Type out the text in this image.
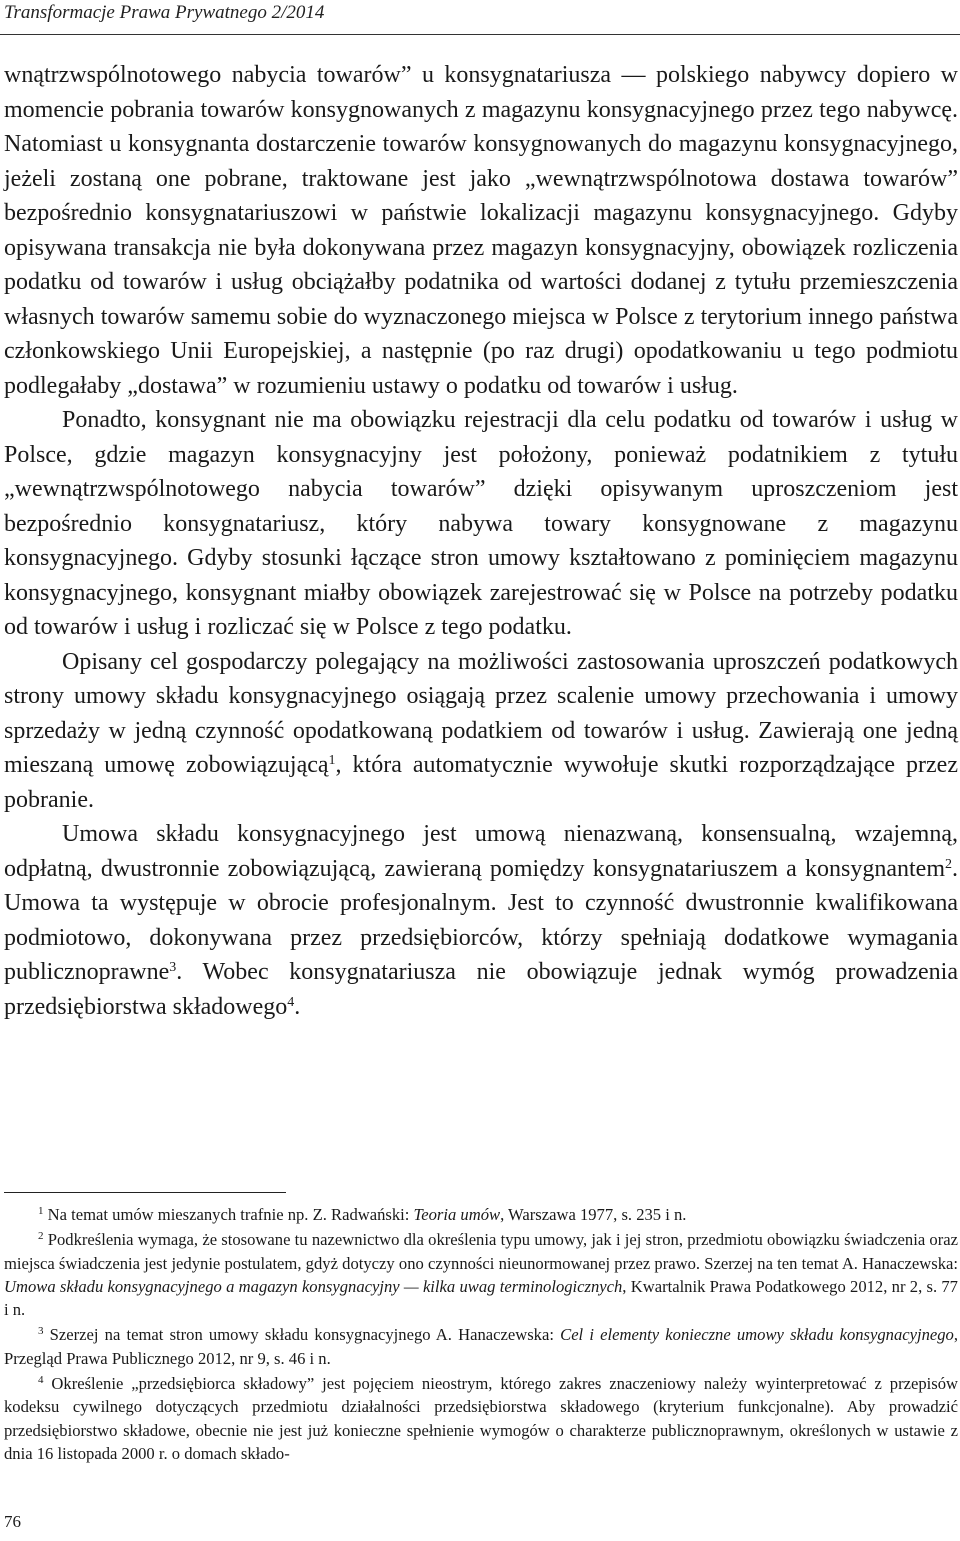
Transformacje Prawa Prywatnego 2/2014

wnątrzwspólnotowego nabycia towarów” u konsygnatariusza — polskiego nabywcy dopiero w momencie pobrania towarów konsygnowanych z magazynu konsygnacyjnego przez tego nabywcę. Natomiast u konsygnanta dostarczenie towarów konsygnowanych do magazynu konsygnacyjnego, jeżeli zostaną one pobrane, traktowane jest jako „wewnątrzwspólnotowa dostawa towarów” bezpośrednio konsygnatariuszowi w państwie lokalizacji magazynu konsygnacyjnego. Gdyby opisywana transakcja nie była dokonywana przez magazyn konsygnacyjny, obowiązek rozliczenia podatku od towarów i usług obciążałby podatnika od wartości dodanej z tytułu przemieszczenia własnych towarów samemu sobie do wyznaczonego miejsca w Polsce z terytorium innego państwa członkowskiego Unii Europejskiej, a następnie (po raz drugi) opodatkowaniu u tego podmiotu podlegałaby „dostawa” w rozumieniu ustawy o podatku od towarów i usług.

Ponadto, konsygnant nie ma obowiązku rejestracji dla celu podatku od towarów i usług w Polsce, gdzie magazyn konsygnacyjny jest położony, ponieważ podatnikiem z tytułu „wewnątrzwspólnotowego nabycia towarów” dzięki opisywanym uproszczeniom jest bezpośrednio konsygnatariusz, który nabywa towary konsygnowane z magazynu konsygnacyjnego. Gdyby stosunki łączące stron umowy kształtowano z pominięciem magazynu konsygnacyjnego, konsygnant miałby obowiązek zarejestrować się w Polsce na potrzeby podatku od towarów i usług i rozliczać się w Polsce z tego podatku.

Opisany cel gospodarczy polegający na możliwości zastosowania uproszczeń podatkowych strony umowy składu konsygnacyjnego osiągają przez scalenie umowy przechowania i umowy sprzedaży w jedną czynność opodatkowaną podatkiem od towarów i usług. Zawierają one jedną mieszaną umowę zobowiązującą$^1$, która automatycznie wywołuje skutki rozporządzające przez pobranie.

Umowa składu konsygnacyjnego jest umową nienazwaną, konsensualną, wzajemną, odpłatną, dwustronnie zobowiązującą, zawieraną pomiędzy konsygnatariuszem a konsygnantem$^2$. Umowa ta występuje w obrocie profesjonalnym. Jest to czynność dwustronnie kwalifikowana podmiotowo, dokonywana przez przedsiębiorców, którzy spełniają dodatkowe wymagania publicznoprawne$^3$. Wobec konsygnatariusza nie obowiązuje jednak wymóg prowadzenia przedsiębiorstwa składowego$^4$.

$^1$ Na temat umów mieszanych trafnie np. Z. Radwański: Teoria umów, Warszawa 1977, s. 235 i n.

$^2$ Podkreślenia wymaga, że stosowane tu nazewnictwo dla określenia typu umowy, jak i jej stron, przedmiotu obowiązku świadczenia oraz miejsca świadczenia jest jedynie postulatem, gdyż dotyczy ono czynności nieunormowanej przez prawo. Szerzej na ten temat A. Hanaczewska: Umowa składu konsygnacyjnego a magazyn konsygnacyjny — kilka uwag terminologicznych, Kwartalnik Prawa Podatkowego 2012, nr 2, s. 77 i n.

$^3$ Szerzej na temat stron umowy składu konsygnacyjnego A. Hanaczewska: Cel i elementy konieczne umowy składu konsygnacyjnego, Przegląd Prawa Publicznego 2012, nr 9, s. 46 i n.

$^4$ Określenie „przedsiębiorca składowy” jest pojęciem nieostrym, którego zakres znaczeniowy należy wyinterpretować z przepisów kodeksu cywilnego dotyczących przedmiotu działalności przedsiębiorstwa składowego (kryterium funkcjonalne). Aby prowadzić przedsiębiorstwo składowe, obecnie nie jest już konieczne spełnienie wymogów o charakterze publicznoprawnym, określonych w ustawie z dnia 16 listopada 2000 r. o domach składo-

76
